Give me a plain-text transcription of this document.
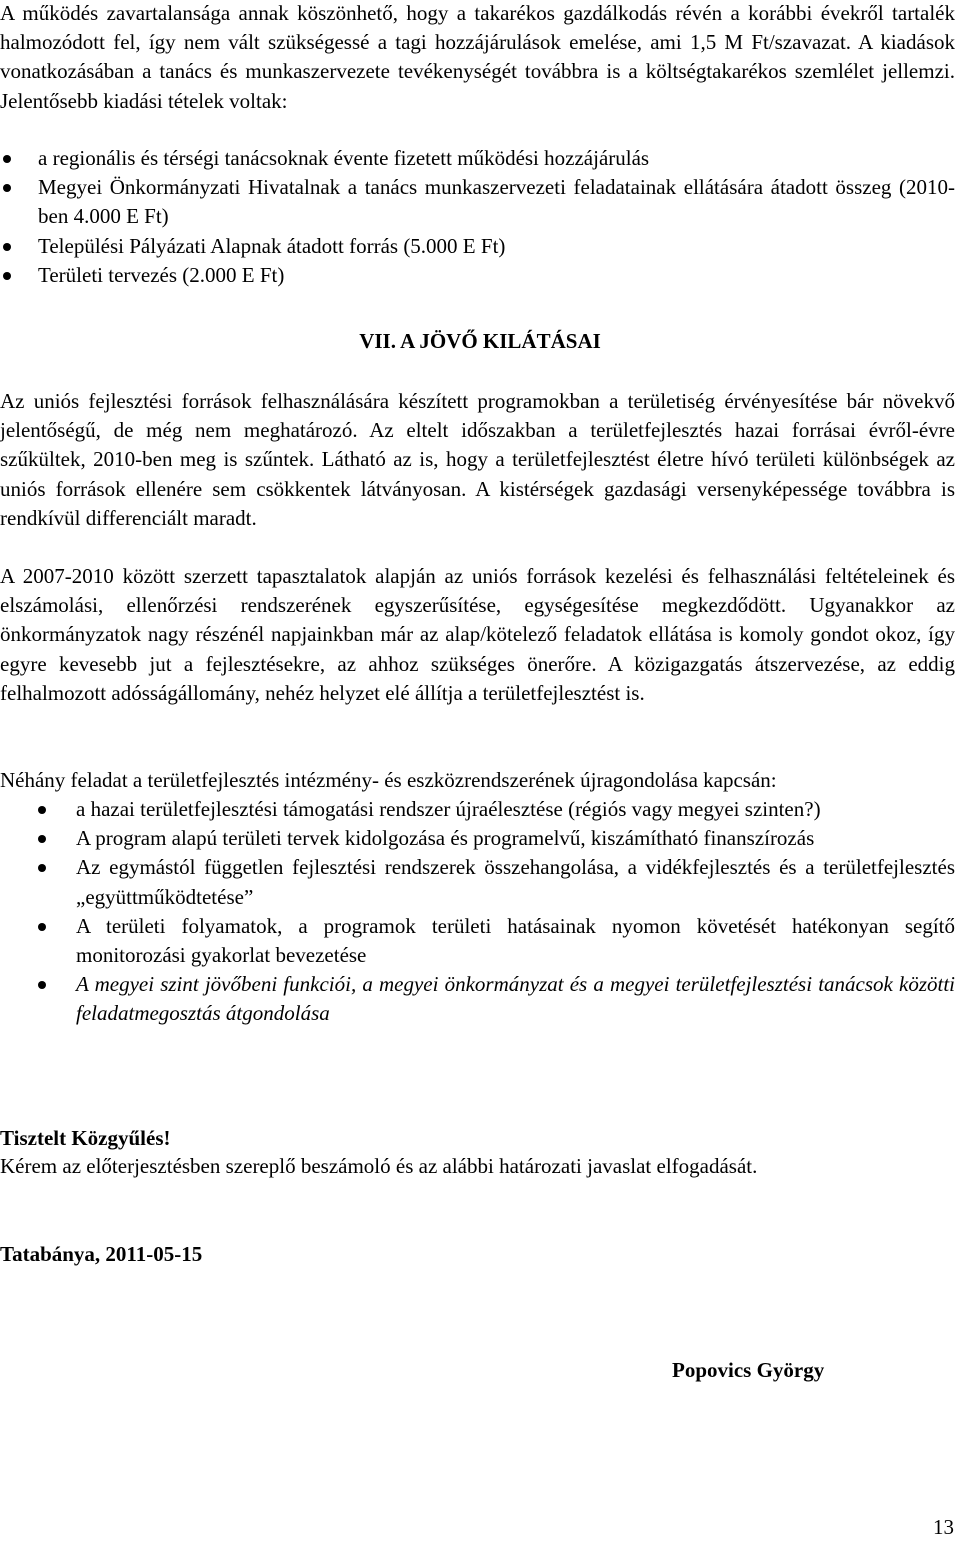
A működés zavartalansága annak köszönhető, hogy a takarékos gazdálkodás révén a korábbi évekről tartalék halmozódott fel, így nem vált szükségessé a tagi hozzájárulások emelése, ami 1,5 M Ft/szavazat. A kiadások vonatkozásában a tanács és munkaszervezete tevékenységét továbbra is a költségtakarékos szemlélet jellemzi. Jelentősebb kiadási tételek voltak:

a regionális és térségi tanácsoknak évente fizetett működési hozzájárulás
Megyei Önkormányzati Hivatalnak a tanács munkaszervezeti feladatainak ellátására átadott összeg (2010-ben 4.000 E Ft)
Települési Pályázati Alapnak átadott forrás (5.000 E Ft)
Területi tervezés (2.000 E Ft)
VII. A JÖVŐ KILÁTÁSAI

Az uniós fejlesztési források felhasználására készített programokban a területiség érvényesítése bár növekvő jelentőségű, de még nem meghatározó. Az eltelt időszakban a területfejlesztés hazai forrásai évről-évre szűkültek, 2010-ben meg is szűntek. Látható az is, hogy a területfejlesztést életre hívó területi különbségek az uniós források ellenére sem csökkentek látványosan. A kistérségek gazdasági versenyképessége továbbra is rendkívül differenciált maradt.

A 2007-2010 között szerzett tapasztalatok alapján az uniós források kezelési és felhasználási feltételeinek és elszámolási, ellenőrzési rendszerének egyszerűsítése, egységesítése megkezdődött. Ugyanakkor az önkormányzatok nagy részénél napjainkban már az alap/kötelező feladatok ellátása is komoly gondot okoz, így egyre kevesebb jut a fejlesztésekre, az ahhoz szükséges önerőre. A közigazgatás átszervezése, az eddig felhalmozott adósságállomány, nehéz helyzet elé állítja a területfejlesztést is.

Néhány feladat a területfejlesztés intézmény- és eszközrendszerének újragondolása kapcsán:
a hazai területfejlesztési támogatási rendszer újraélesztése (régiós vagy megyei szinten?)
A program alapú területi tervek kidolgozása és programelvű, kiszámítható finanszírozás
Az egymástól független fejlesztési rendszerek összehangolása, a vidékfejlesztés és a területfejlesztés „együttműködtetése”
A területi folyamatok, a programok területi hatásainak nyomon követését hatékonyan segítő monitorozási gyakorlat bevezetése
A megyei szint jövőbeni funkciói, a megyei önkormányzat és a megyei területfejlesztési tanácsok közötti feladatmegosztás átgondolása
Tisztelt Közgyűlés!
Kérem az előterjesztésben szereplő beszámoló és az alábbi határozati javaslat elfogadását.
Tatabánya, 2011-05-15
Popovics György
13
